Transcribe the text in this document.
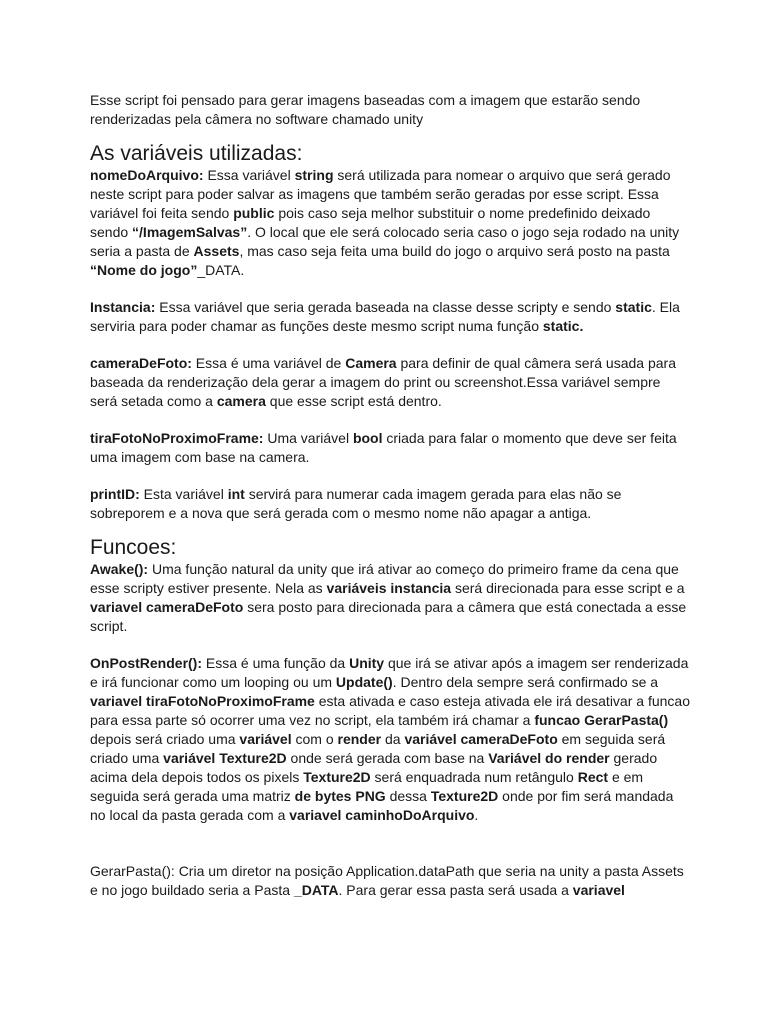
Esse script foi pensado para gerar imagens baseadas com a imagem que estarão sendo renderizadas pela câmera no software chamado unity

As variáveis utilizadas:

nomeDoArquivo: Essa variável string será utilizada para nomear o arquivo que será gerado neste script para poder salvar as imagens que também serão geradas por esse script. Essa variável foi feita sendo public pois caso seja melhor substituir o nome predefinido deixado sendo “/ImagemSalvas”. O local que ele será colocado seria caso o jogo seja rodado na unity seria a pasta de Assets, mas caso seja feita uma build do jogo o arquivo será posto na pasta “Nome do jogo”_DATA.

Instancia: Essa variável que seria gerada baseada na classe desse scripty e sendo static. Ela serviria para poder chamar as funções deste mesmo script numa função static.

cameraDeFoto: Essa é uma variável de Camera para definir de qual câmera será usada para baseada da renderização dela gerar a imagem do print ou screenshot.Essa variável sempre será setada como a camera que esse script está dentro.

tiraFotoNoProximoFrame: Uma variável bool criada para falar o momento que deve ser feita uma imagem com base na camera.

printID: Esta variável int servirá para numerar cada imagem gerada para elas não se sobreporem e a nova que será gerada com o mesmo nome não apagar a antiga.

Funcoes:

Awake(): Uma função natural da unity que irá ativar ao começo do primeiro frame da cena que esse scripty estiver presente. Nela as variáveis instancia será direcionada para esse script e a variavel cameraDeFoto sera posto para direcionada para a câmera que está conectada a esse script.

OnPostRender(): Essa é uma função da Unity que irá se ativar após a imagem ser renderizada e irá funcionar como um looping ou um Update(). Dentro dela sempre será confirmado se a variavel tiraFotoNoProximoFrame esta ativada e caso esteja ativada ele irá desativar a funcao para essa parte só ocorrer uma vez no script, ela também irá chamar a funcao GerarPasta() depois será criado uma variável com o render da variável cameraDeFoto em seguida será criado uma variável Texture2D onde será gerada com base na Variável do render gerado acima dela depois todos os pixels Texture2D será enquadrada num retângulo Rect e em seguida será gerada uma matriz de bytes PNG dessa Texture2D onde por fim será mandada no local da pasta gerada com a variavel caminhoDoArquivo.

GerarPasta(): Cria um diretor na posição Application.dataPath que seria na unity a pasta Assets e no jogo buildado seria a Pasta _DATA. Para gerar essa pasta será usada a variavel
